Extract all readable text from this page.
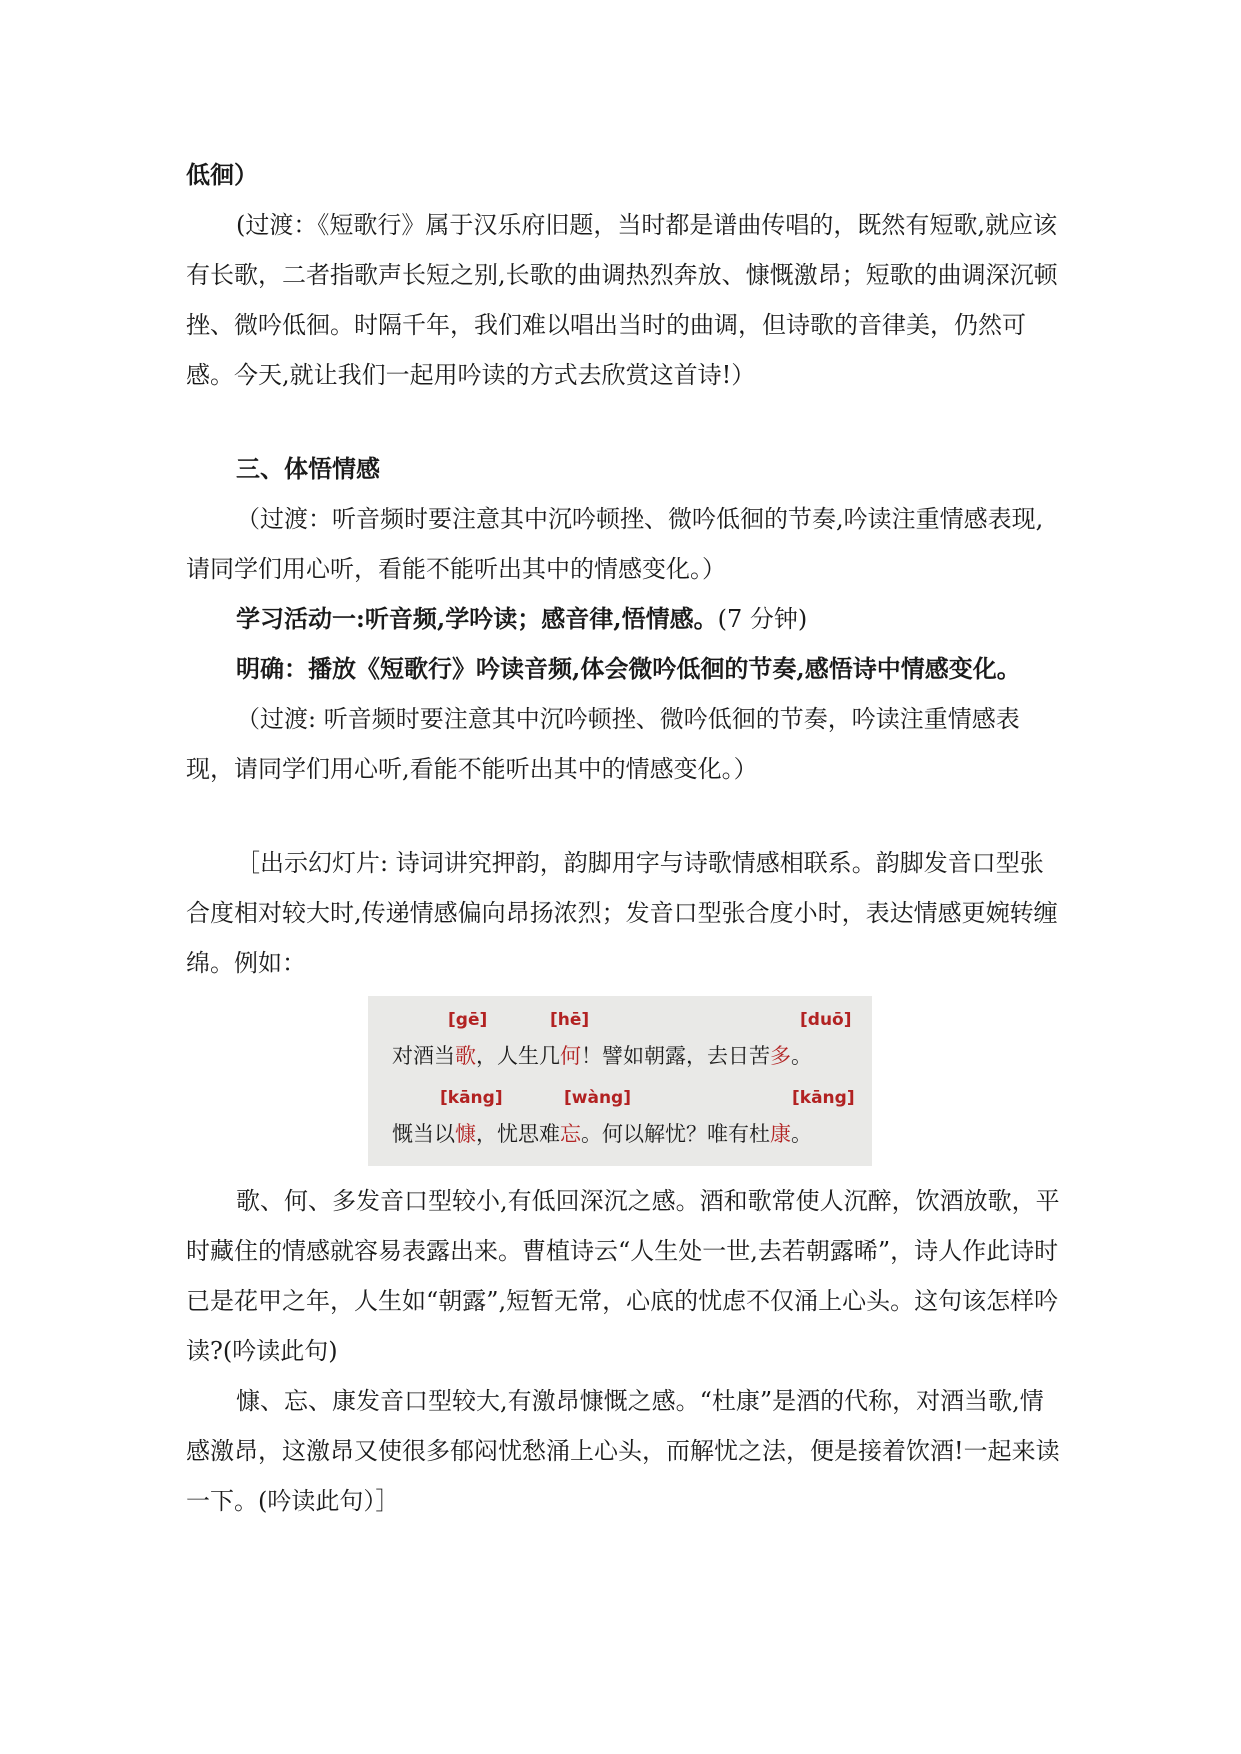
低徊）

(过渡：《短歌行》属于汉乐府旧题，当时都是谱曲传唱的，既然有短歌,就应该有长歌，二者指歌声长短之别,长歌的曲调热烈奔放、慷慨激昂；短歌的曲调深沉顿挫、微吟低徊。时隔千年，我们难以唱出当时的曲调，但诗歌的音律美，仍然可感。今天,就让我们一起用吟读的方式去欣赏这首诗!）

三、体悟情感

（过渡：听音频时要注意其中沉吟顿挫、微吟低徊的节奏,吟读注重情感表现,请同学们用心听，看能不能听出其中的情感变化。）

学习活动一:听音频,学吟读；感音律,悟情感。(7 分钟)

明确：播放《短歌行》吟读音频,体会微吟低徊的节奏,感悟诗中情感变化。

（过渡: 听音频时要注意其中沉吟顿挫、微吟低徊的节奏，吟读注重情感表现，请同学们用心听,看能不能听出其中的情感变化。）

［出示幻灯片: 诗词讲究押韵，韵脚用字与诗歌情感相联系。韵脚发音口型张合度相对较大时,传递情感偏向昂扬浓烈；发音口型张合度小时，表达情感更婉转缠绵。例如：

[gē]	[hē]	[duō]
对酒当歌，人生几何！譬如朝露，去日苦多。
[kāng]	[wàng]	[kāng]
慨当以慷，忧思难忘。何以解忧？唯有杜康。

歌、何、多发音口型较小,有低回深沉之感。酒和歌常使人沉醉，饮酒放歌，平时藏住的情感就容易表露出来。曹植诗云“人生处一世,去若朝露晞”，诗人作此诗时已是花甲之年，人生如“朝露”,短暂无常，心底的忧虑不仅涌上心头。这句该怎样吟读?(吟读此句)

慷、忘、康发音口型较大,有激昂慷慨之感。“杜康”是酒的代称，对酒当歌,情感激昂，这激昂又使很多郁闷忧愁涌上心头，而解忧之法，便是接着饮酒!一起来读一下。(吟读此句）］
